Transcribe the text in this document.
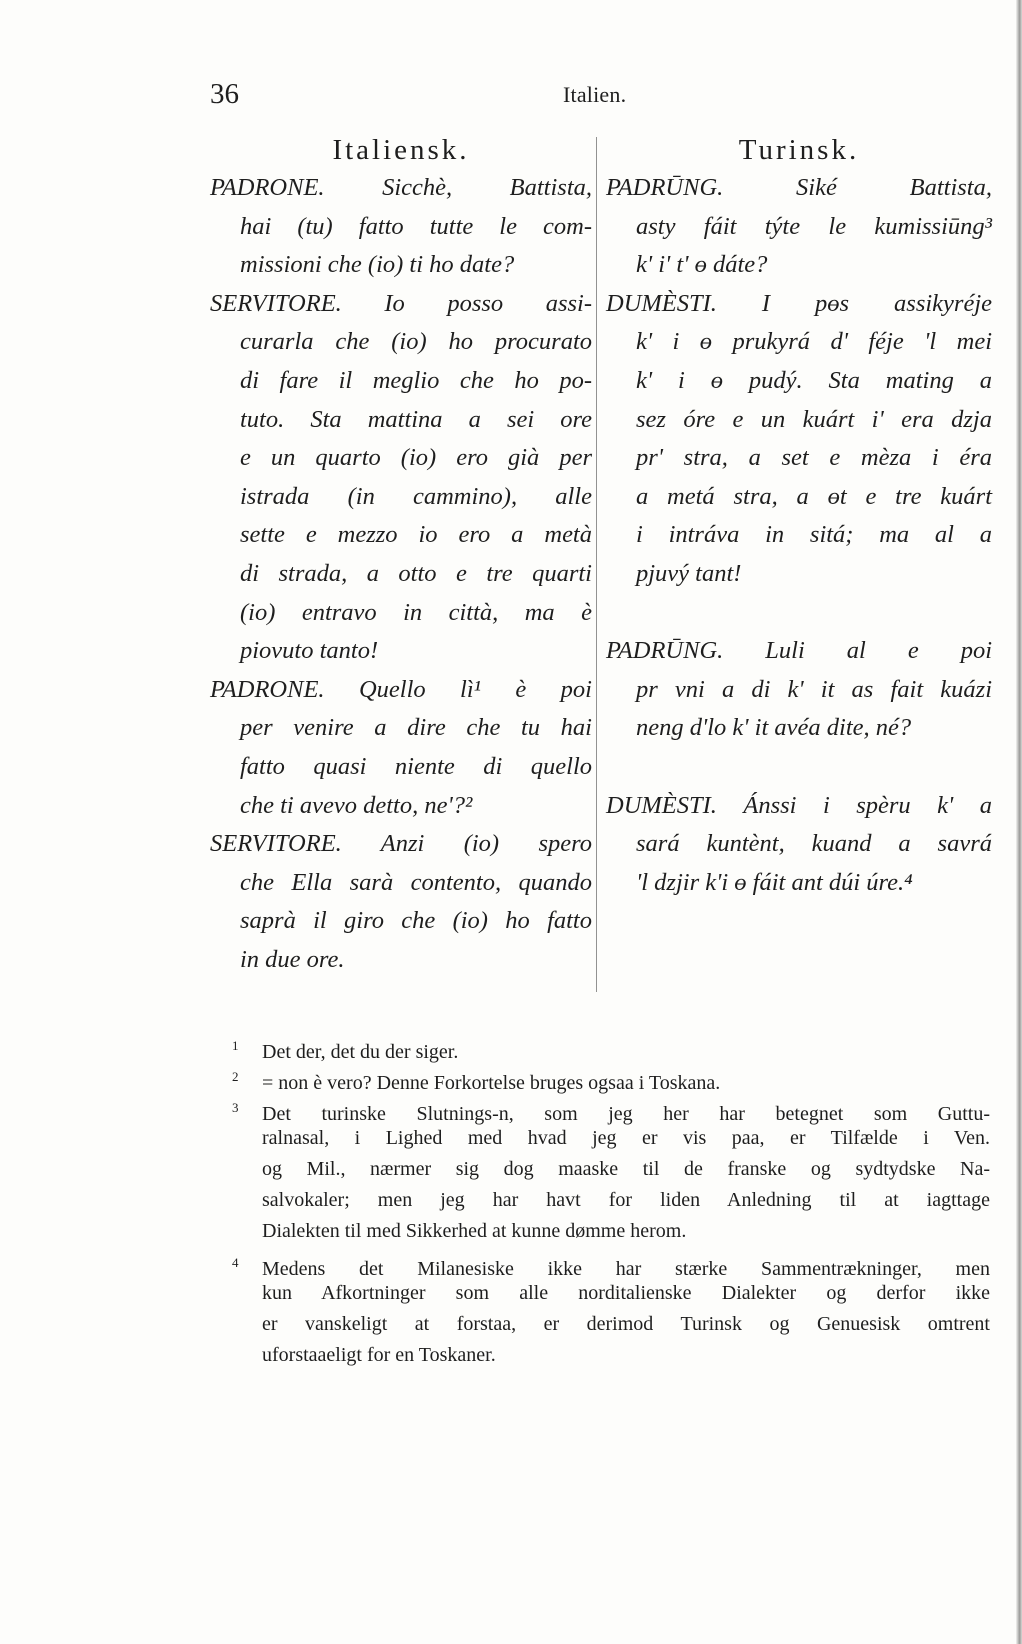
36	Italien.
Italiensk.
PADRONE. Sicchè, Battista,
hai (tu) fatto tutte le com-
missioni che (io) ti ho date?
SERVITORE. Io posso assi-
curarla che (io) ho procurato
di fare il meglio che ho po-
tuto. Sta mattina a sei ore
e un quarto (io) ero già per
istrada (in cammino), alle
sette e mezzo io ero a metà
di strada, a otto e tre quarti
(io) entravo in città, ma è
piovuto tanto!
PADRONE. Quello lì¹ è poi
per venire a dire che tu hai
fatto quasi niente di quello
che ti avevo detto, ne'?²
SERVITORE. Anzi (io) spero
che Ella sarà contento, quando
saprà il giro che (io) ho fatto
in due ore.
Turinsk.
PADRŪNG. Siké Battista,
asty fáit týte le kumissiūng³
k' i' t' ɵ dáte?
DUMÈSTI. I pɵs assikyréje
k' i ɵ prukyrá d' féje 'l mei
k' i ɵ pudý. Sta mating a
sez óre e un kuárt i' era dzja
pr' stra, a set e mèza i éra
a metá stra, a ɵt e tre kuárt
i intráva in sitá; ma al a
pjuvý tant!
PADRŪNG. Luli al e poi
pr vni a di k' it as fait kuázi
neng d'lo k' it avéa dite, né?
DUMÈSTI. Ánssi i spèru k' a
sará kuntènt, kuand a savrá
'l dzjir k'i ɵ fáit ant dúi úre.⁴
1 Det der, det du der siger.
2 = non è vero? Denne Forkortelse bruges ogsaa i Toskana.
3 Det turinske Slutnings-n, som jeg her har betegnet som Guttu-
ralnasal, i Lighed med hvad jeg er vis paa, er Tilfælde i Ven.
og Mil., nærmer sig dog maaske til de franske og sydtydske Na-
salvokaler; men jeg har havt for liden Anledning til at iagttage
Dialekten til med Sikkerhed at kunne dømme herom.
4 Medens det Milanesiske ikke har stærke Sammentrækninger, men
kun Afkortninger som alle norditalienske Dialekter og derfor ikke
er vanskeligt at forstaa, er derimod Turinsk og Genuesisk omtrent
uforstaaeligt for en Toskaner.
